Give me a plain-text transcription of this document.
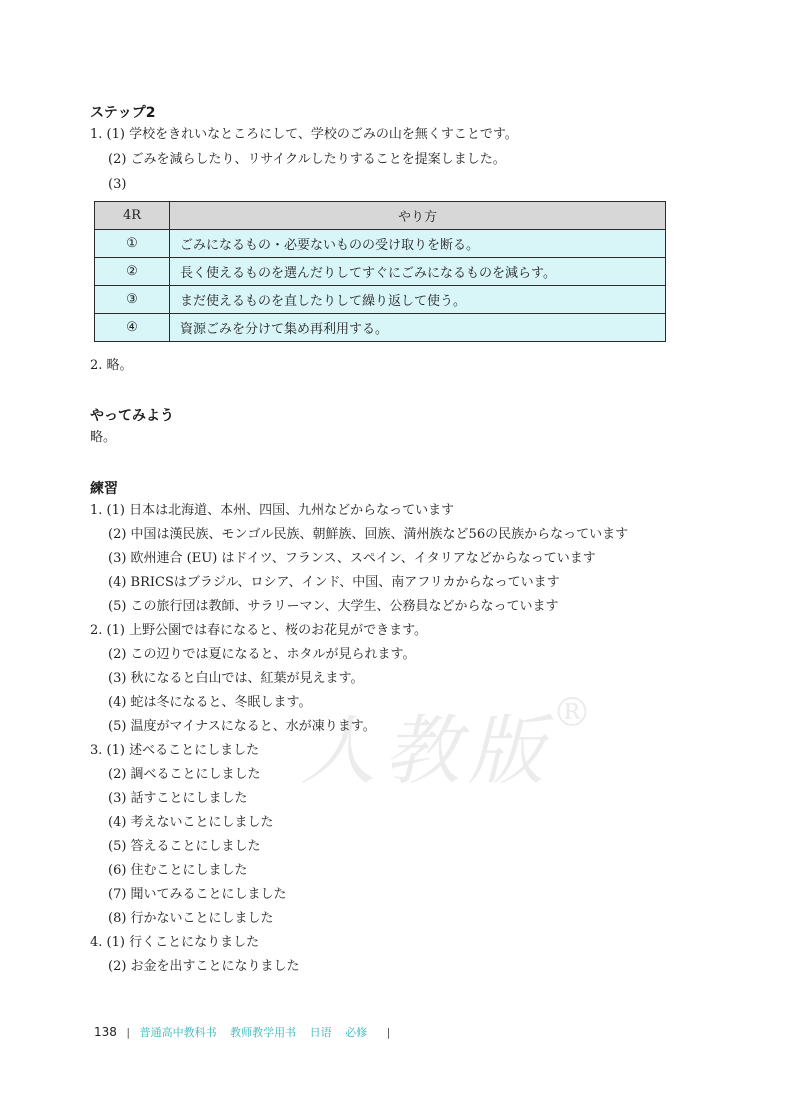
人教版®
ステップ2
1. (1) 学校をきれいなところにして、学校のごみの山を無くすことです。
(2) ごみを減らしたり、リサイクルしたりすることを提案しました。
(3)
4R	やり方
①	ごみになるもの・必要ないものの受け取りを断る。
②	長く使えるものを選んだりしてすぐにごみになるものを減らす。
③	まだ使えるものを直したりして繰り返して使う。
④	資源ごみを分けて集め再利用する。
2. 略。
やってみよう
略。
練習
1. (1) 日本は北海道、本州、四国、九州などからなっています
(2) 中国は漢民族、モンゴル民族、朝鮮族、回族、満州族など56の民族からなっています
(3) 欧州連合 (EU) はドイツ、フランス、スペイン、イタリアなどからなっています
(4) BRICSはブラジル、ロシア、インド、中国、南アフリカからなっています
(5) この旅行団は教師、サラリーマン、大学生、公務員などからなっています
2. (1) 上野公園では春になると、桜のお花見ができます。
(2) この辺りでは夏になると、ホタルが見られます。
(3) 秋になると白山では、紅葉が見えます。
(4) 蛇は冬になると、冬眠します。
(5) 温度がマイナスになると、水が凍ります。
3. (1) 述べることにしました
(2) 調べることにしました
(3) 話すことにしました
(4) 考えないことにしました
(5) 答えることにしました
(6) 住むことにしました
(7) 聞いてみることにしました
(8) 行かないことにしました
4. (1) 行くことになりました
(2) お金を出すことになりました
138 | 普通高中教科书 教师教学用书 日语 必修 |
